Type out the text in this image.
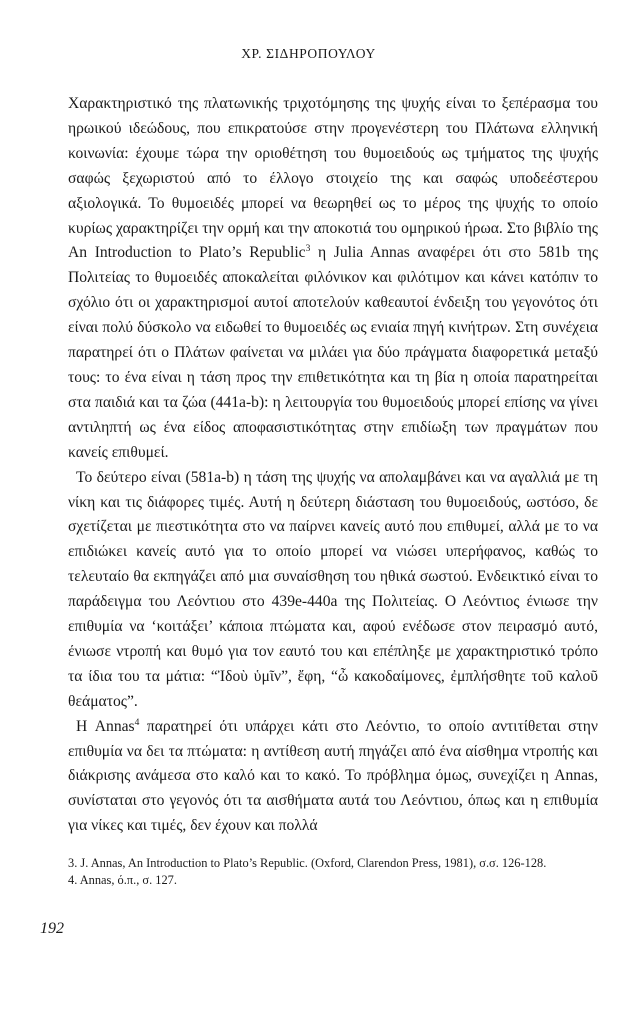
ΧΡ. ΣΙΔΗΡΟΠΟΥΛΟΥ

Χαρακτηριστικό της πλατωνικής τριχοτόμησης της ψυχής είναι το ξεπέρασμα του ηρωικού ιδεώδους, που επικρατούσε στην προγενέστερη του Πλάτωνα ελληνική κοινωνία: έχουμε τώρα την οριοθέτηση του θυμοειδούς ως τμήματος της ψυχής σαφώς ξεχωριστού από το έλλογο στοιχείο της και σαφώς υποδεέστερου αξιολογικά. Το θυμοειδές μπορεί να θεωρηθεί ως το μέρος της ψυχής το οποίο κυρίως χαρακτηρίζει την ορμή και την αποκοτιά του ομηρικού ήρωα. Στο βιβλίο της An Introduction to Plato’s Republic$^3$ η Julia Annas αναφέρει ότι στο 581b της Πολιτείας το θυμοειδές αποκαλείται φιλόνικον και φιλότιμον και κάνει κατόπιν το σχόλιο ότι οι χαρακτηρισμοί αυτοί αποτελούν καθεαυτοί ένδειξη του γεγονότος ότι είναι πολύ δύσκολο να ειδωθεί το θυμοειδές ως ενιαία πηγή κινήτρων. Στη συνέχεια παρατηρεί ότι ο Πλάτων φαίνεται να μιλάει για δύο πράγματα διαφορετικά μεταξύ τους: το ένα είναι η τάση προς την επιθετικότητα και τη βία η οποία παρατηρείται στα παιδιά και τα ζώα (441a-b): η λειτουργία του θυμοειδούς μπορεί επίσης να γίνει αντιληπτή ως ένα είδος αποφασιστικότητας στην επιδίωξη των πραγμάτων που κανείς επιθυμεί.

Το δεύτερο είναι (581a-b) η τάση της ψυχής να απολαμβάνει και να αγαλλιά με τη νίκη και τις διάφορες τιμές. Αυτή η δεύτερη διάσταση του θυμοειδούς, ωστόσο, δε σχετίζεται με πιεστικότητα στο να παίρνει κανείς αυτό που επιθυμεί, αλλά με το να επιδιώκει κανείς αυτό για το οποίο μπορεί να νιώσει υπερήφανος, καθώς το τελευταίο θα εκπηγάζει από μια συναίσθηση του ηθικά σωστού. Ενδεικτικό είναι το παράδειγμα του Λεόντιου στο 439e-440a της Πολιτείας. Ο Λεόντιος ένιωσε την επιθυμία να ‘κοιτάξει’ κάποια πτώματα και, αφού ενέδωσε στον πειρασμό αυτό, ένιωσε ντροπή και θυμό για τον εαυτό του και επέπληξε με χαρακτηριστικό τρόπο τα ίδια του τα μάτια: “Ἰδοὺ ὑμῖν”, ἔφη, “ὦ κακοδαίμονες, ἐμπλήσθητε τοῦ καλοῦ θεάματος”.

Η Annas$^4$ παρατηρεί ότι υπάρχει κάτι στο Λεόντιο, το οποίο αντιτίθεται στην επιθυμία να δει τα πτώματα: η αντίθεση αυτή πηγάζει από ένα αίσθημα ντροπής και διάκρισης ανάμεσα στο καλό και το κακό. Το πρόβλημα όμως, συνεχίζει η Annas, συνίσταται στο γεγονός ότι τα αισθήματα αυτά του Λεόντιου, όπως και η επιθυμία για νίκες και τιμές, δεν έχουν και πολλά

3. J. Annas, An Introduction to Plato’s Republic. (Oxford, Clarendon Press, 1981), σ.σ. 126-128.
4. Annas, ό.π., σ. 127.
192
